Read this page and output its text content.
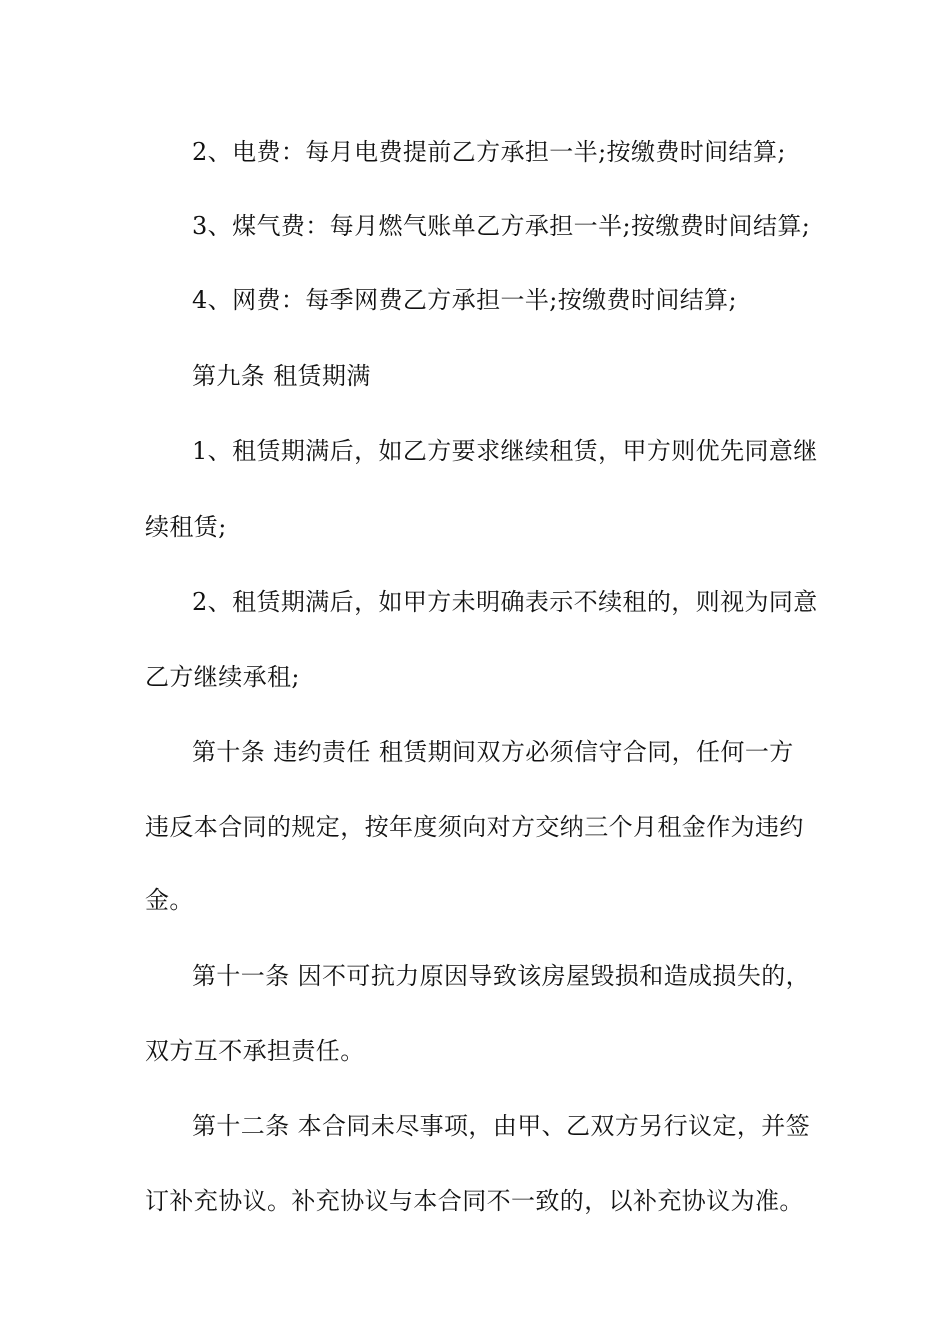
2、电费：每月电费提前乙方承担一半;按缴费时间结算;
3、煤气费：每月燃气账单乙方承担一半;按缴费时间结算;
4、网费：每季网费乙方承担一半;按缴费时间结算;
第九条 租赁期满
1、租赁期满后，如乙方要求继续租赁，甲方则优先同意继
续租赁;
2、租赁期满后，如甲方未明确表示不续租的，则视为同意
乙方继续承租;
第十条 违约责任 租赁期间双方必须信守合同，任何一方
违反本合同的规定，按年度须向对方交纳三个月租金作为违约
金。
第十一条 因不可抗力原因导致该房屋毁损和造成损失的，
双方互不承担责任。
第十二条 本合同未尽事项，由甲、乙双方另行议定，并签
订补充协议。补充协议与本合同不一致的，以补充协议为准。
